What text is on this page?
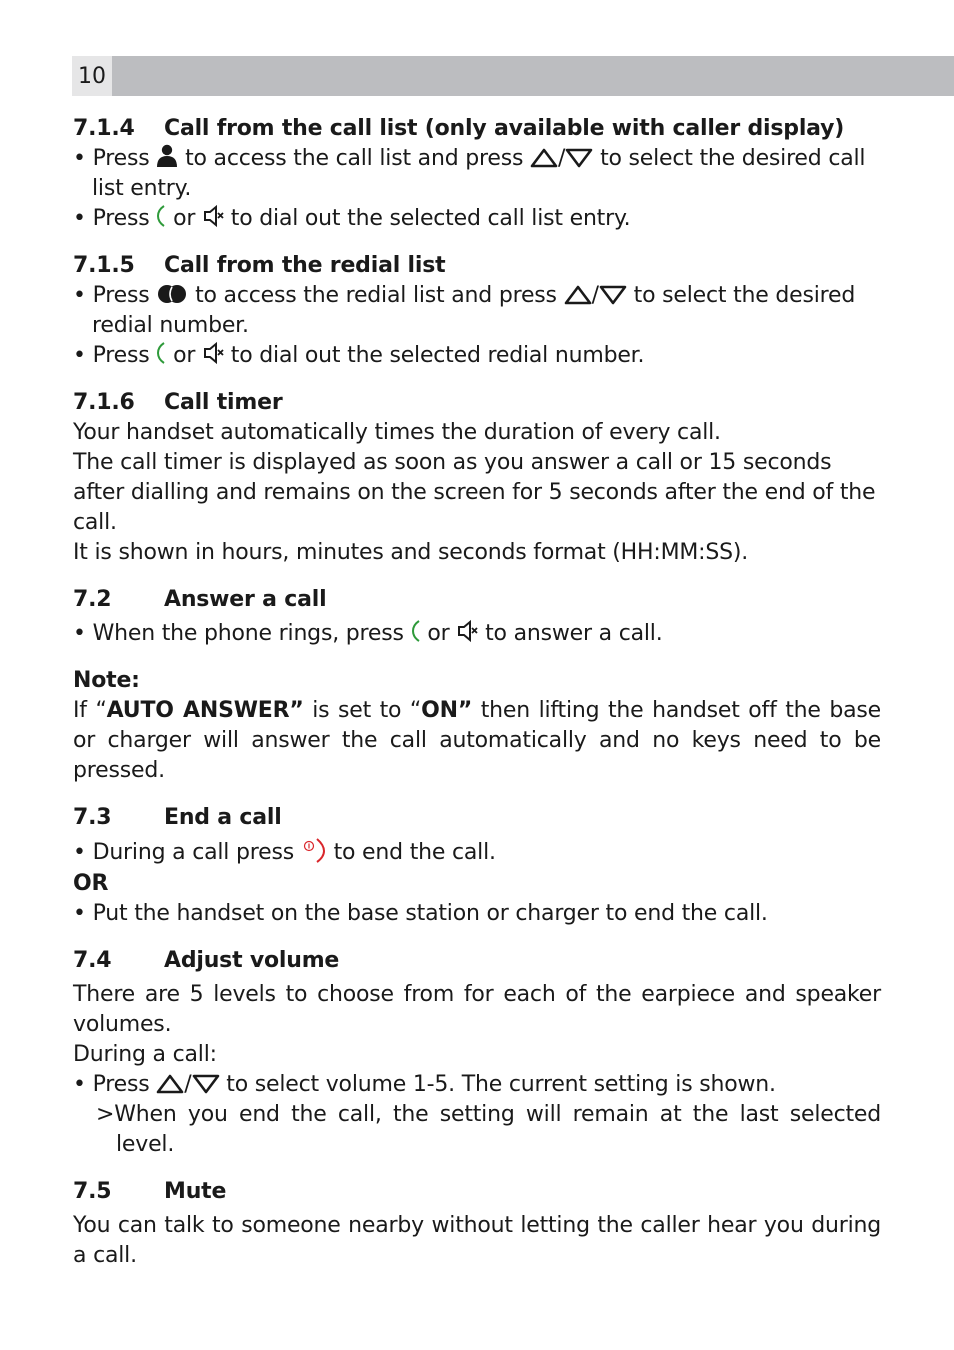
10
7.1.4	Call from the call list (only available with caller display)
• Press to access the call list and press / to select the desired call list entry.
• Press or to dial out the selected call list entry.
7.1.5	Call from the redial list
• Press to access the redial list and press / to select the desired redial number.
• Press or to dial out the selected redial number.
7.1.6	Call timer
Your handset automatically times the duration of every call.
The call timer is displayed as soon as you answer a call or 15 seconds after dialling and remains on the screen for 5 seconds after the end of the call.
It is shown in hours, minutes and seconds format (HH:MM:SS).
7.2	Answer a call
• When the phone rings, press or to answer a call.
Note:
If “AUTO ANSWER” is set to “ON” then lifting the handset off the base or charger will answer the call automatically and no keys need to be pressed.
7.3	End a call
• During a call press to end the call.
OR
• Put the handset on the base station or charger to end the call.
7.4	Adjust volume
There are 5 levels to choose from for each of the earpiece and speaker volumes.
During a call:
• Press / to select volume 1-5. The current setting is shown.
>When you end the call, the setting will remain at the last selected level.
7.5	Mute
You can talk to someone nearby without letting the caller hear you during a call.
